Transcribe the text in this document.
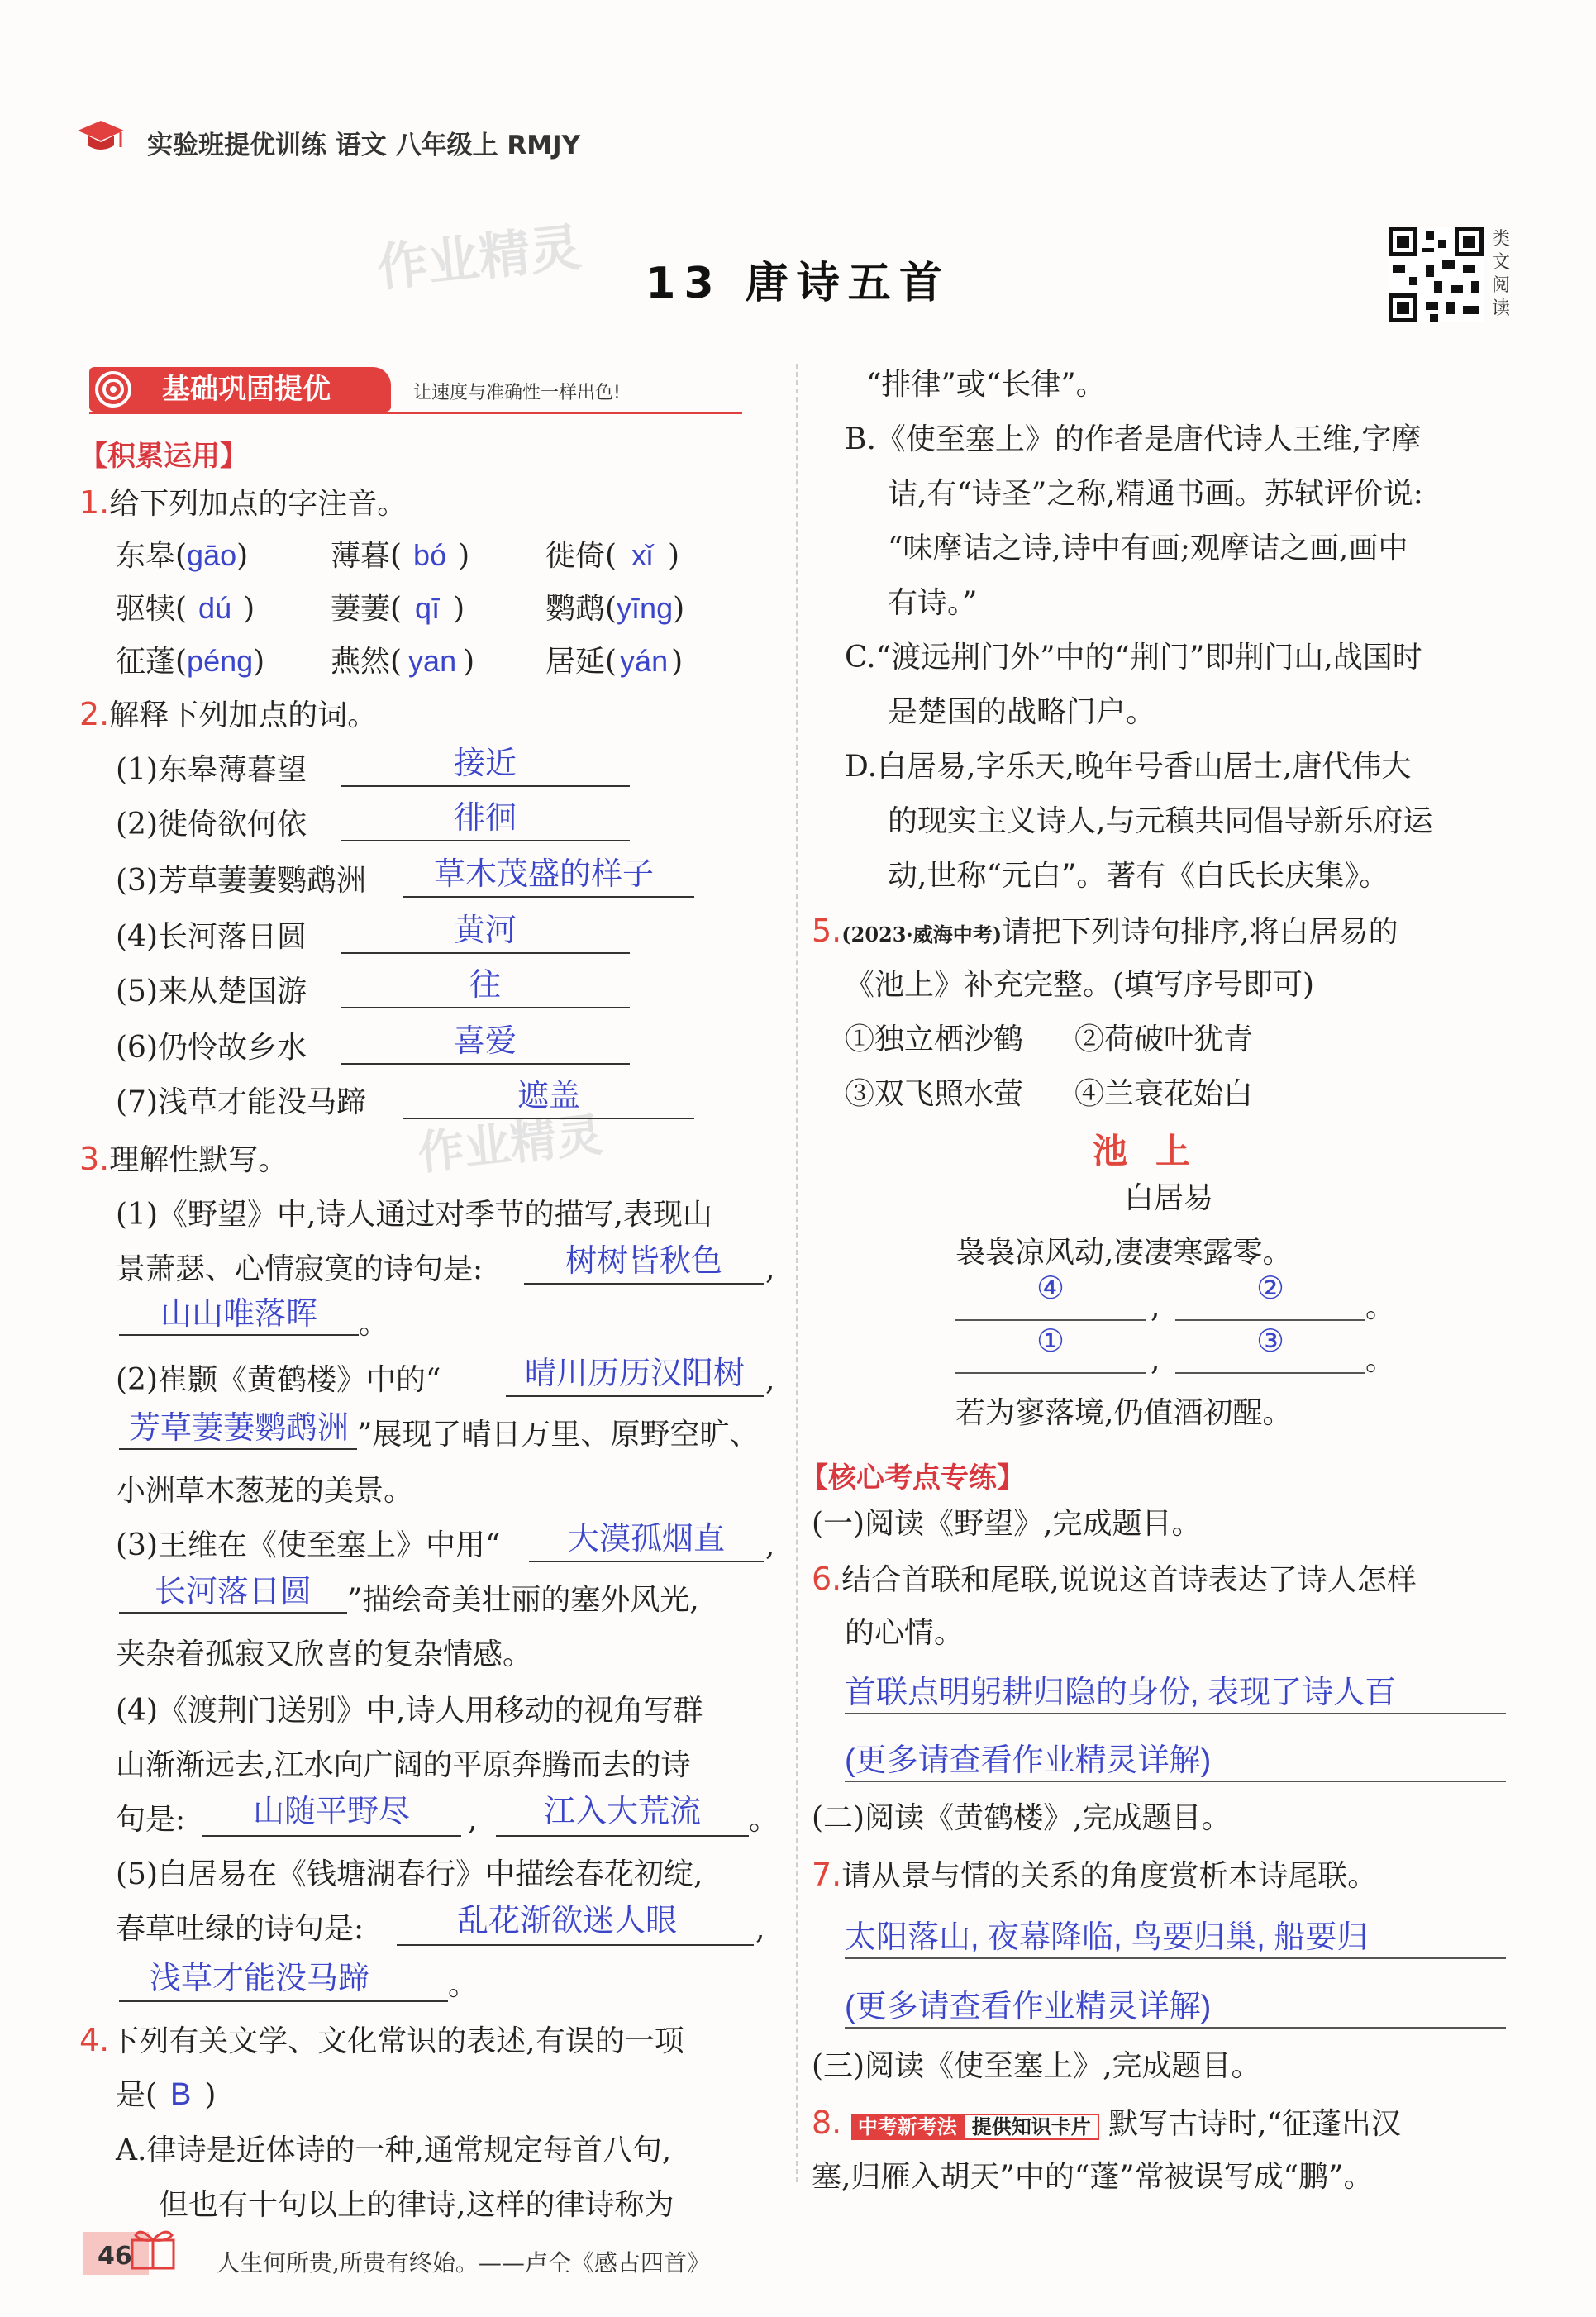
实验班提优训练 语文 八年级上 RMJY
作业精灵
作业精灵
13 唐诗五首
类文阅读
基础巩固提优	让速度与准确性一样出色!
【积累运用】
1.给下列加点的字注音。
东皋(gāo)	薄暮( bó )	徙倚( xǐ )
驱犊( dú )	萋萋( qī )	鹦鹉(yīng)
征蓬(péng) 燕然( yan ) 居延( yán )
2.解释下列加点的词。
(1)东皋薄暮望	接近
(2)徙倚欲何依	徘徊
(3)芳草萋萋鹦鹉洲	草木茂盛的样子
(4)长河落日圆	黄河
(5)来从楚国游	往
(6)仍怜故乡水	喜爱
(7)浅草才能没马蹄	遮盖
3.理解性默写。
(1)《野望》中,诗人通过对季节的描写,表现山
景萧瑟、心情寂寞的诗句是:	树树皆秋色	,
山山唯落晖	。
(2)崔颢《黄鹤楼》中的“	晴川历历汉阳树 ,
芳草萋萋鹦鹉洲 ”展现了晴日万里、原野空旷、
小洲草木葱茏的美景。
(3)王维在《使至塞上》中用“	大漠孤烟直	,
长河落日圆	”描绘奇美壮丽的塞外风光,
夹杂着孤寂又欣喜的复杂情感。
(4)《渡荆门送别》中,诗人用移动的视角写群
山渐渐远去,江水向广阔的平原奔腾而去的诗
句是:	山随平野尽	,	江入大荒流	。
(5)白居易在《钱塘湖春行》中描绘春花初绽,
春草吐绿的诗句是:	乱花渐欲迷人眼	,
浅草才能没马蹄	。
4.下列有关文学、文化常识的表述,有误的一项
是( B )
A.律诗是近体诗的一种,通常规定每首八句,
但也有十句以上的律诗,这样的律诗称为
“排律”或“长律”。
B.《使至塞上》的作者是唐代诗人王维,字摩
诘,有“诗圣”之称,精通书画。苏轼评价说:
“味摩诘之诗,诗中有画;观摩诘之画,画中
有诗。”
C.“渡远荆门外”中的“荆门”即荆门山,战国时
是楚国的战略门户。
D.白居易,字乐天,晚年号香山居士,唐代伟大
的现实主义诗人,与元稹共同倡导新乐府运
动,世称“元白”。著有《白氏长庆集》。
5.(2023·威海中考)请把下列诗句排序,将白居易的
《池上》补充完整。(填写序号即可)
①独立栖沙鹤 ②荷破叶犹青
③双飞照水萤 ④兰衰花始白
池上
白居易
袅袅凉风动,凄凄寒露零。
④
,
②
。
①
,
③
。
若为寥落境,仍值酒初醒。
【核心考点专练】
(一)阅读《野望》,完成题目。
6.结合首联和尾联,说说这首诗表达了诗人怎样
的心情。
首联点明躬耕归隐的身份, 表现了诗人百
(更多请查看作业精灵详解)
(二)阅读《黄鹤楼》,完成题目。
7.请从景与情的关系的角度赏析本诗尾联。
太阳落山, 夜幕降临, 鸟要归巢, 船要归
(更多请查看作业精灵详解)
(三)阅读《使至塞上》,完成题目。
8. 中考新考法 提供知识卡片 默写古诗时,“征蓬出汉
塞,归雁入胡天”中的“蓬”常被误写成“鹏”。
46	人生何所贵,所贵有终始。——卢仝《感古四首》
